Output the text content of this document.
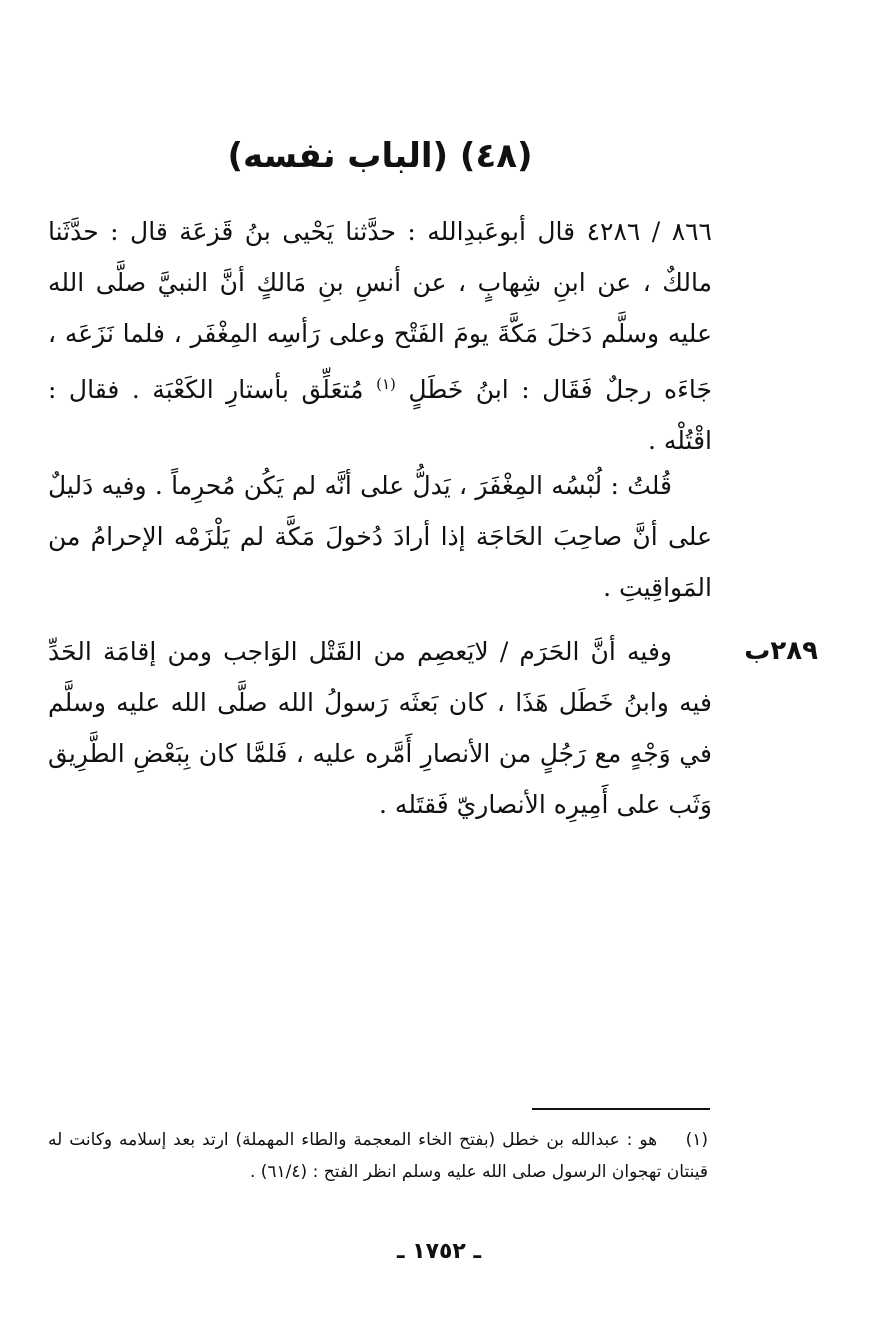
(٤٨) (الباب نفسه)
٨٦٦ / ٤٢٨٦ قال أبوعَبدِالله : حدَّثنا يَحْيى بنُ قَزعَة قال : حدَّثَنا مالكٌ ، عن ابنِ شِهابٍ ، عن أنسِ بنِ مَالكٍ أنَّ النبيَّ صلَّى الله عليه وسلَّم دَخلَ مَكَّةَ يومَ الفَتْح وعلى رَأسِه المِغْفَر ، فلما نَزَعَه ، جَاءَه رجلٌ فَقَال : ابنُ خَطَلٍ $^{(١)}$ مُتعَلِّق بأستارِ الكَعْبَة . فقال : اقْتُلْه .
قُلتُ : لُبْسُه المِغْفَرَ ، يَدلُّ على أنَّه لم يَكُن مُحرِماً . وفيه دَليلٌ على أنَّ صاحِبَ الحَاجَة إذا أرادَ دُخولَ مَكَّة لم يَلْزَمْه الإحرامُ من المَواقِيتِ .
٢٨٩ب
وفيه أنَّ الحَرَم / لايَعصِم من القَتْل الوَاجب ومن إقامَة الحَدِّ فيه وابنُ خَطَل هَذَا ، كان بَعثَه رَسولُ الله صلَّى الله عليه وسلَّم في وَجْهٍ مع رَجُلٍ من الأنصارِ أَمَّره عليه ، فَلمَّا كان بِبَعْضِ الطَّرِيق وَثَب على أَمِيرِه الأنصاريّ فَقتَله .
(١) هو : عبدالله بن خطل (بفتح الخاء المعجمة والطاء المهملة) ارتد بعد إسلامه وكانت له قينتان تهجوان الرسول صلى الله عليه وسلم انظر الفتح : (٦١/٤) .
ـ ١٧٥٢ ـ
